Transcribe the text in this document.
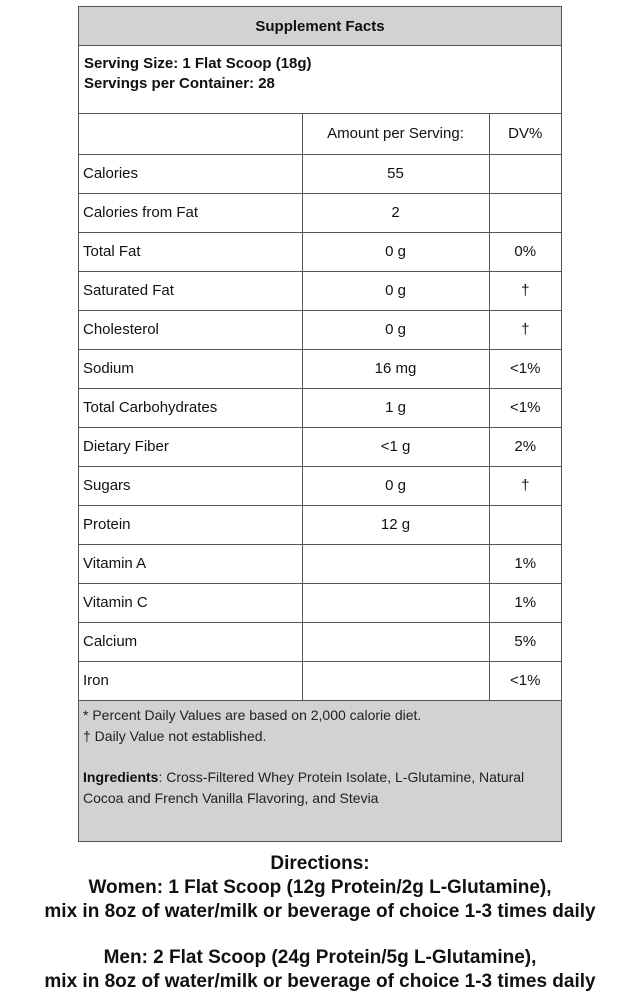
Supplement Facts
Serving Size: 1 Flat Scoop (18g)
Servings per Container: 28
	Amount per Serving:	DV%
Calories	55	
Calories from Fat	2	
Total Fat	0 g	0%
Saturated Fat	0 g	†
Cholesterol	0 g	†
Sodium	16 mg	<1%
Total Carbohydrates	1 g	<1%
Dietary Fiber	<1 g	2%
Sugars	0 g	†
Protein	12 g	
Vitamin A		1%
Vitamin C		1%
Calcium		5%
Iron		<1%
* Percent Daily Values are based on 2,000 calorie diet.
† Daily Value not established.
Ingredients: Cross-Filtered Whey Protein Isolate, L-Glutamine, Natural Cocoa and French Vanilla Flavoring, and Stevia
Directions:
Women: 1 Flat Scoop (12g Protein/2g L-Glutamine),
mix in 8oz of water/milk or beverage of choice 1-3 times daily
Men: 2 Flat Scoop (24g Protein/5g L-Glutamine),
mix in 8oz of water/milk or beverage of choice 1-3 times daily
